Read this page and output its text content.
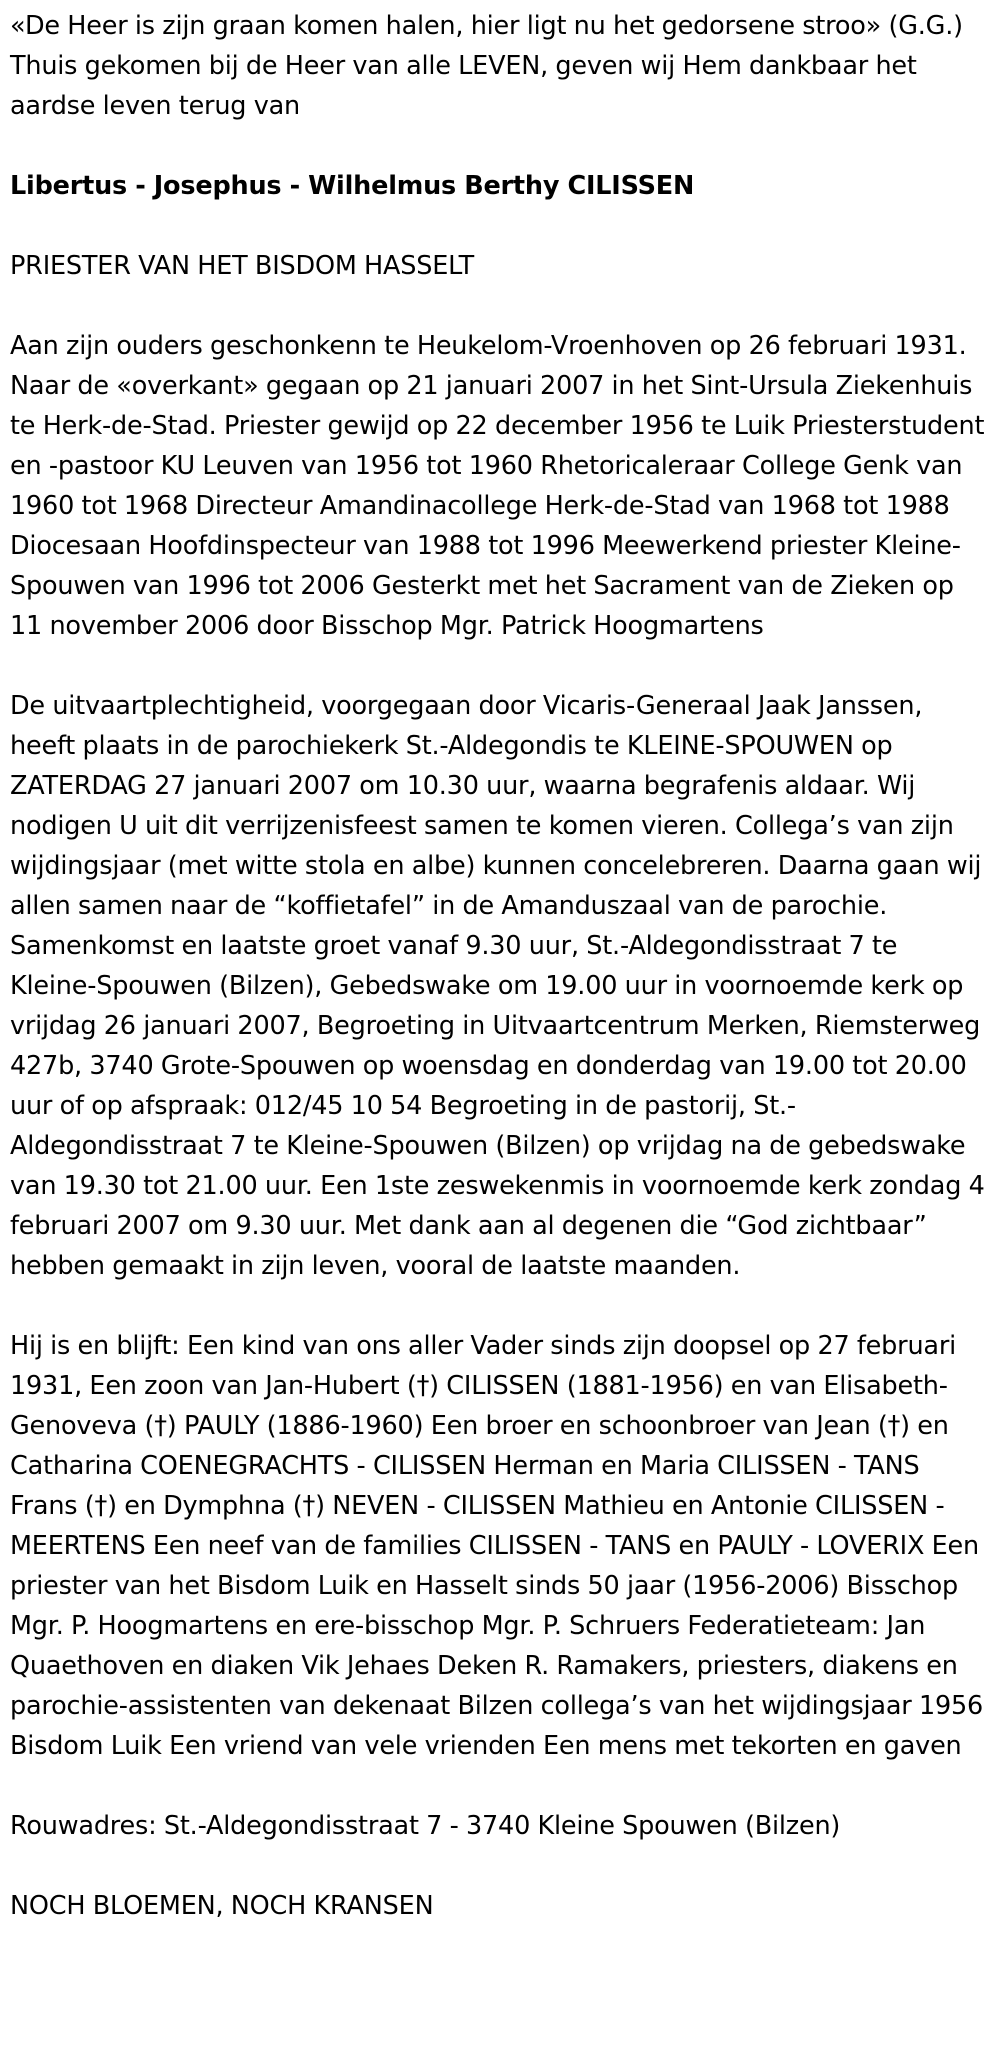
«De Heer is zijn graan komen halen, hier ligt nu het gedorsene stroo» (G.G.) Thuis gekomen bij de Heer van alle LEVEN, geven wij Hem dankbaar het aardse leven terug van

Libertus - Josephus - Wilhelmus Berthy CILISSEN

PRIESTER VAN HET BISDOM HASSELT

Aan zijn ouders geschonkenn te Heukelom-Vroenhoven op 26 februari 1931. Naar de «overkant» gegaan op 21 januari 2007 in het Sint-Ursula Ziekenhuis te Herk-de-Stad. Priester gewijd op 22 december 1956 te Luik Priesterstudent en -pastoor KU Leuven van 1956 tot 1960 Rhetoricaleraar College Genk van 1960 tot 1968 Directeur Amandinacollege Herk-de-Stad van 1968 tot 1988 Diocesaan Hoofdinspecteur van 1988 tot 1996 Meewerkend priester Kleine-Spouwen van 1996 tot 2006 Gesterkt met het Sacrament van de Zieken op 11 november 2006 door Bisschop Mgr. Patrick Hoogmartens

De uitvaartplechtigheid, voorgegaan door Vicaris-Generaal Jaak Janssen, heeft plaats in de parochiekerk St.-Aldegondis te KLEINE-SPOUWEN op ZATERDAG 27 januari 2007 om 10.30 uur, waarna begrafenis aldaar. Wij nodigen U uit dit verrijzenisfeest samen te komen vieren. Collega’s van zijn wijdingsjaar (met witte stola en albe) kunnen concelebreren. Daarna gaan wij allen samen naar de “koffietafel” in de Amanduszaal van de parochie. Samenkomst en laatste groet vanaf 9.30 uur, St.-Aldegondisstraat 7 te Kleine-Spouwen (Bilzen), Gebedswake om 19.00 uur in voornoemde kerk op vrijdag 26 januari 2007, Begroeting in Uitvaartcentrum Merken, Riemsterweg 427b, 3740 Grote-Spouwen op woensdag en donderdag van 19.00 tot 20.00 uur of op afspraak: 012/45 10 54 Begroeting in de pastorij, St.-Aldegondisstraat 7 te Kleine-Spouwen (Bilzen) op vrijdag na de gebedswake van 19.30 tot 21.00 uur. Een 1ste zeswekenmis in voornoemde kerk zondag 4 februari 2007 om 9.30 uur. Met dank aan al degenen die “God zichtbaar” hebben gemaakt in zijn leven, vooral de laatste maanden.

Hij is en blijft: Een kind van ons aller Vader sinds zijn doopsel op 27 februari 1931, Een zoon van Jan-Hubert (†) CILISSEN (1881-1956) en van Elisabeth-Genoveva (†) PAULY (1886-1960) Een broer en schoonbroer van Jean (†) en Catharina COENEGRACHTS - CILISSEN Herman en Maria CILISSEN - TANS Frans (†) en Dymphna (†) NEVEN - CILISSEN Mathieu en Antonie CILISSEN - MEERTENS Een neef van de families CILISSEN - TANS en PAULY - LOVERIX Een priester van het Bisdom Luik en Hasselt sinds 50 jaar (1956-2006) Bisschop Mgr. P. Hoogmartens en ere-bisschop Mgr. P. Schruers Federatieteam: Jan Quaethoven en diaken Vik Jehaes Deken R. Ramakers, priesters, diakens en parochie-assistenten van dekenaat Bilzen collega’s van het wijdingsjaar 1956 Bisdom Luik Een vriend van vele vrienden Een mens met tekorten en gaven

Rouwadres: St.-Aldegondisstraat 7 - 3740 Kleine Spouwen (Bilzen)

NOCH BLOEMEN, NOCH KRANSEN
